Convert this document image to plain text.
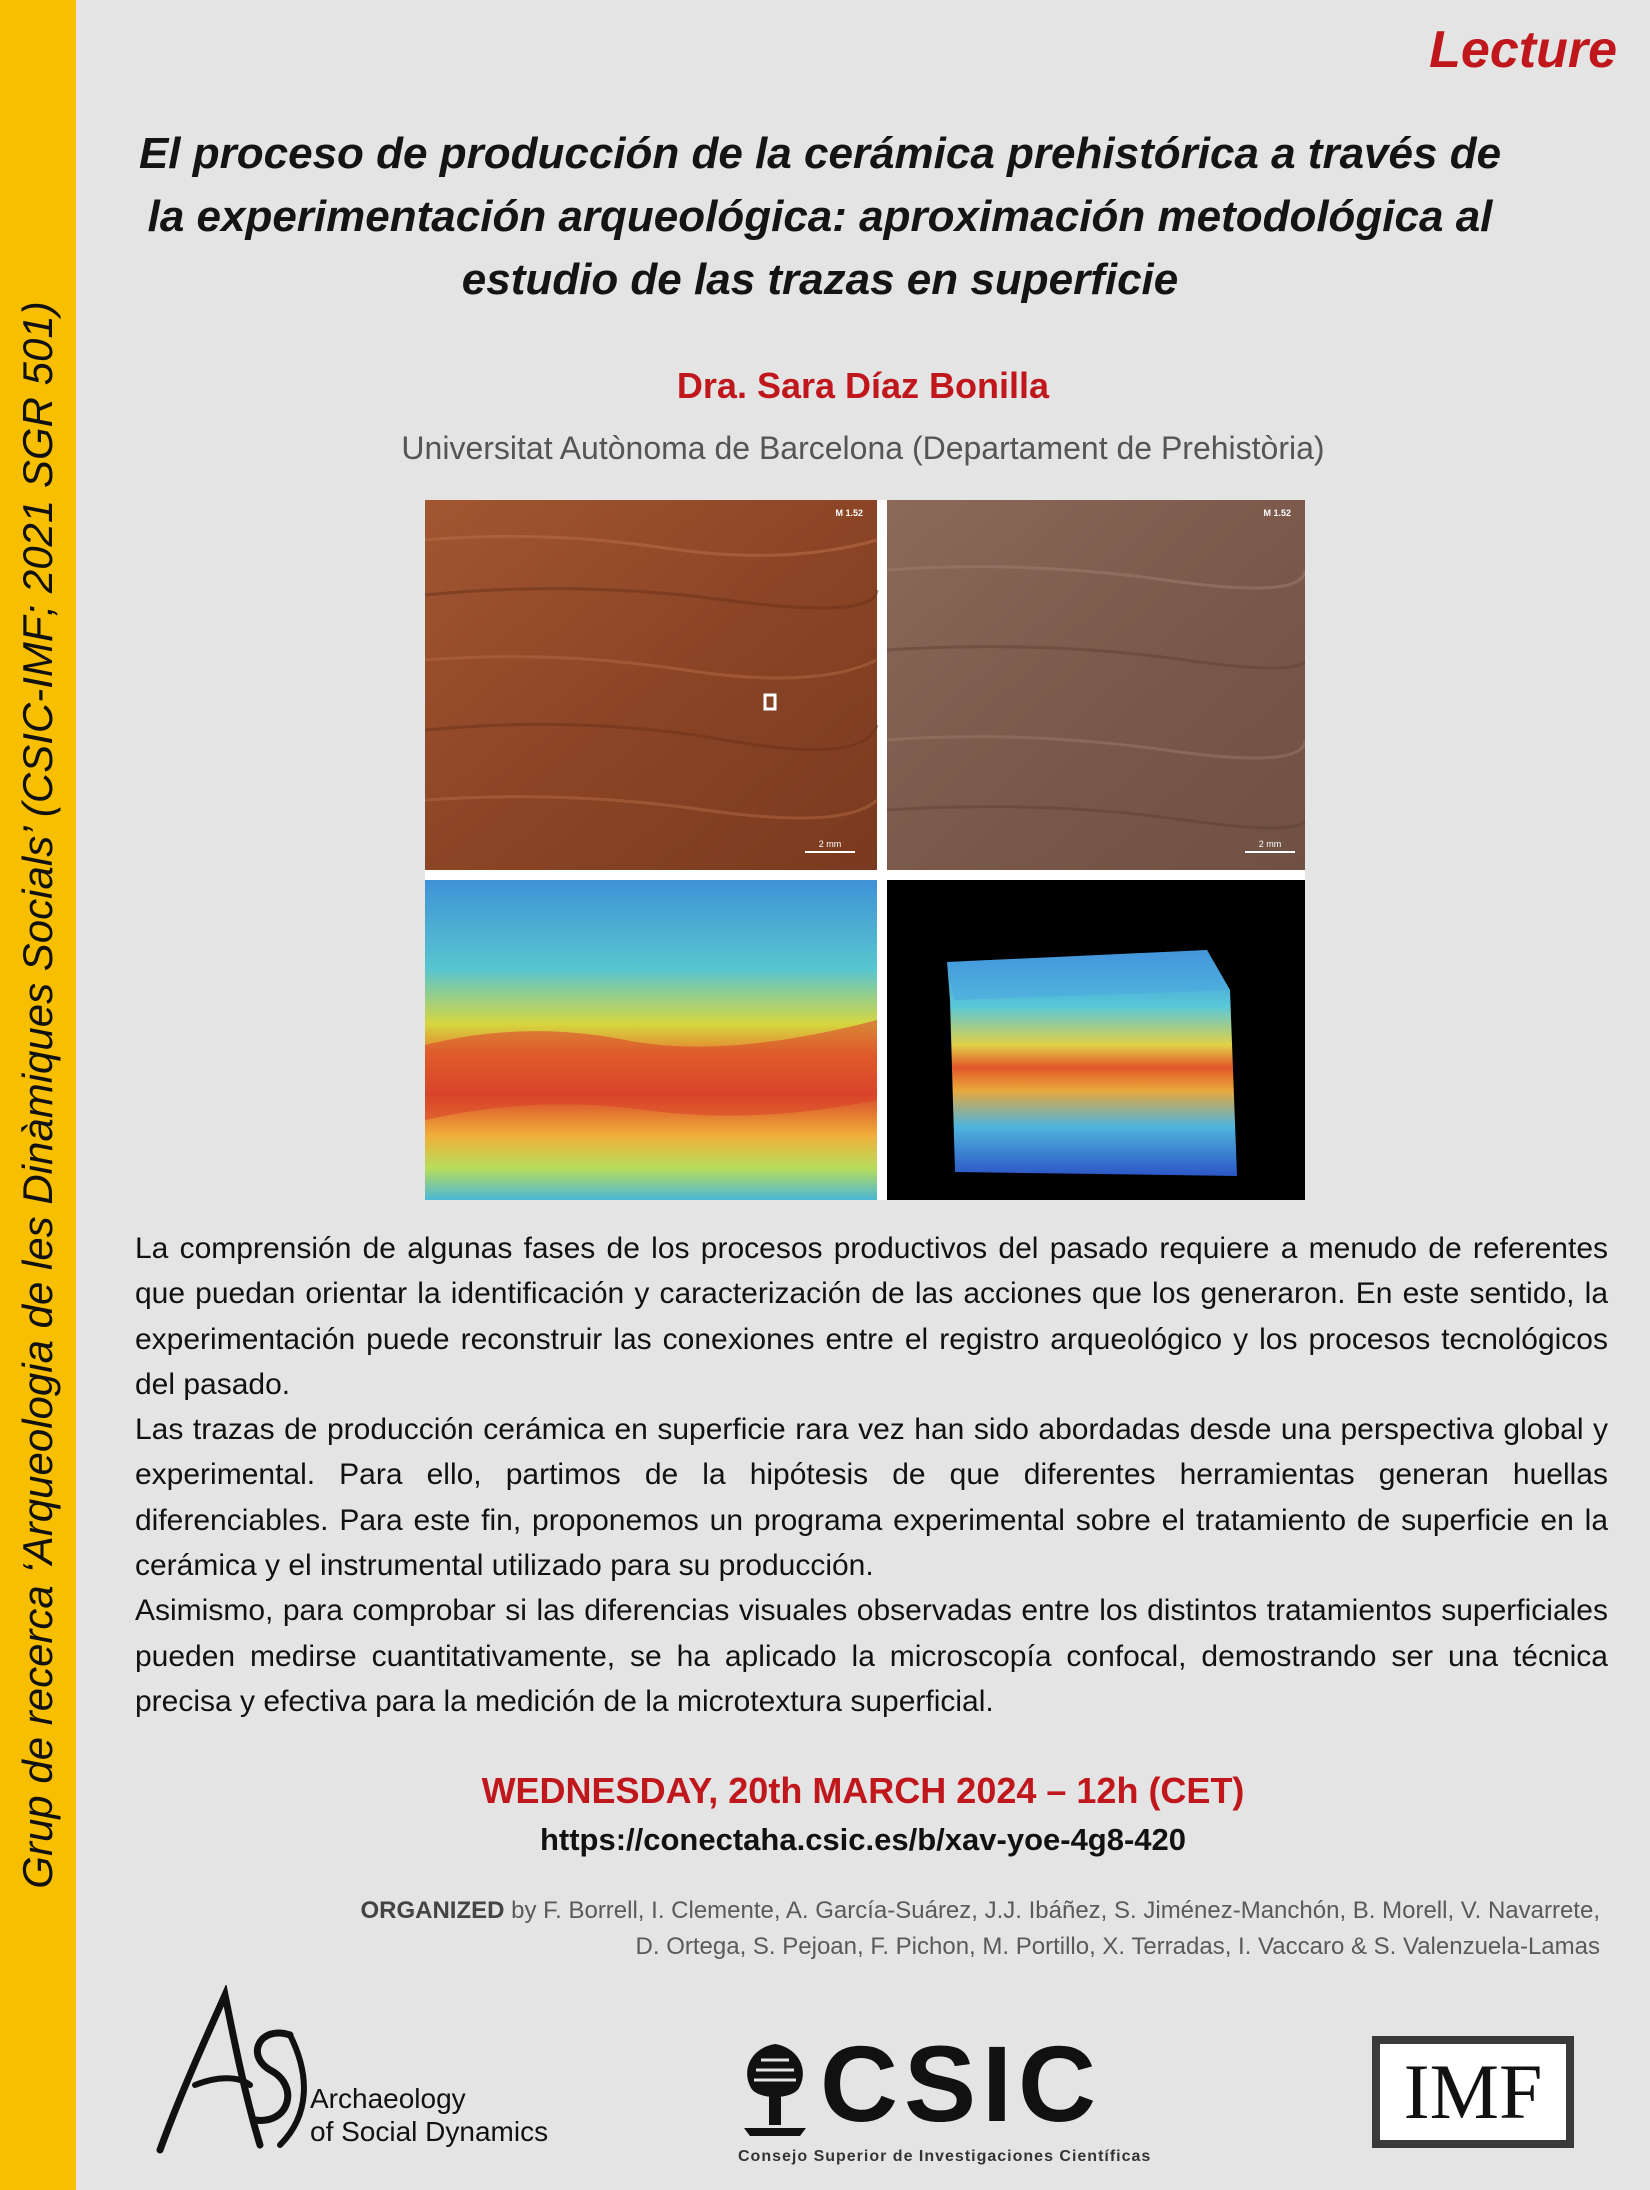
Grup de recerca ‘Arqueologia de les Dinàmiques Socials’ (CSIC-IMF; 2021 SGR 501)
Lecture
El proceso de producción de la cerámica prehistórica a través de
la experimentación arqueológica: aproximación metodológica al
estudio de las trazas en superficie
Dra. Sara Díaz Bonilla
Universitat Autònoma de Barcelona (Departament de Prehistòria)
M 1.52	M 1.52
2 mm	2 mm

La comprensión de algunas fases de los procesos productivos del pasado requiere a menudo de referentes que puedan orientar la identificación y caracterización de las acciones que los generaron. En este sentido, la experimentación puede reconstruir las conexiones entre el registro arqueológico y los procesos tecnológicos del pasado.

Las trazas de producción cerámica en superficie rara vez han sido abordadas desde una perspectiva global y experimental. Para ello, partimos de la hipótesis de que diferentes herramientas generan huellas diferenciables. Para este fin, proponemos un programa experimental sobre el tratamiento de superficie en la cerámica y el instrumental utilizado para su producción.

Asimismo, para comprobar si las diferencias visuales observadas entre los distintos tratamientos superficiales pueden medirse cuantitativamente, se ha aplicado la microscopía confocal, demostrando ser una técnica precisa y efectiva para la medición de la microtextura superficial.

WEDNESDAY, 20th MARCH 2024 – 12h (CET)
https://conectaha.csic.es/b/xav-yoe-4g8-420
ORGANIZED by F. Borrell, I. Clemente, A. García-Suárez, J.J. Ibáñez, S. Jiménez-Manchón, B. Morell, V. Navarrete,
D. Ortega, S. Pejoan, F. Pichon, M. Portillo, X. Terradas, I. Vaccaro & S. Valenzuela-Lamas
Archaeology
of Social Dynamics	CSIC
Consejo Superior de Investigaciones Científicas
IMF
